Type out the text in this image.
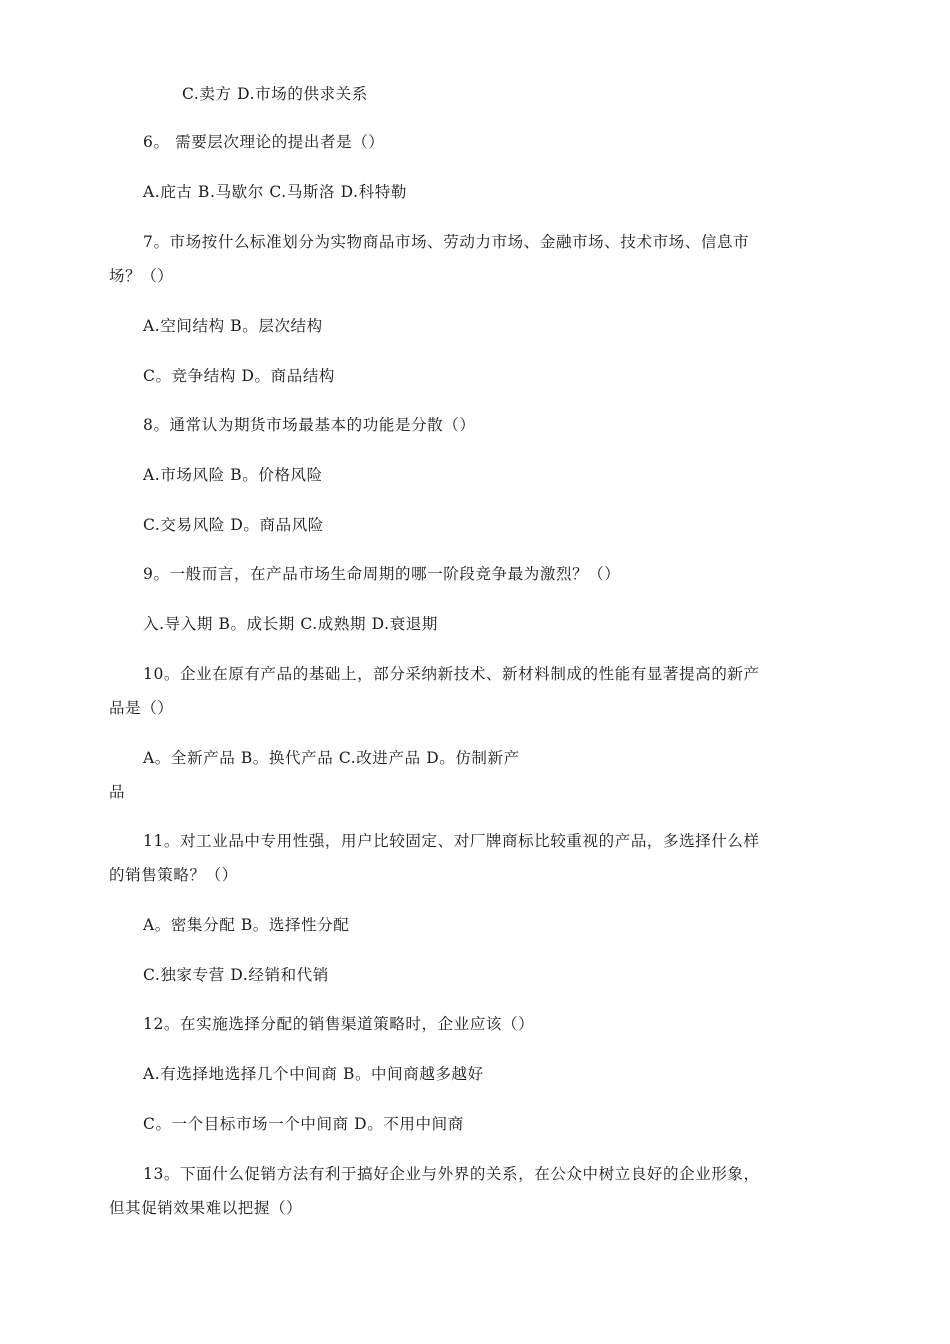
C.卖方 D.市场的供求关系
6。 需要层次理论的提出者是（）
A.庇古 B.马歇尔 C.马斯洛 D.科特勒
7。市场按什么标准划分为实物商品市场、劳动力市场、金融市场、技术市场、信息市
场？（）
A.空间结构 B。层次结构
C。竞争结构 D。商品结构
8。通常认为期货市场最基本的功能是分散（）
A.市场风险 B。价格风险
C.交易风险 D。商品风险
9。一般而言，在产品市场生命周期的哪一阶段竞争最为激烈？（）
入.导入期 B。成长期 C.成熟期 D.衰退期
10。企业在原有产品的基础上，部分采纳新技术、新材料制成的性能有显著提高的新产
品是（）
A。全新产品 B。换代产品 C.改进产品 D。仿制新产
品
11。对工业品中专用性强，用户比较固定、对厂牌商标比较重视的产品，多选择什么样
的销售策略？（）
A。密集分配 B。选择性分配
C.独家专营 D.经销和代销
12。在实施选择分配的销售渠道策略时，企业应该（）
A.有选择地选择几个中间商 B。中间商越多越好
C。一个目标市场一个中间商 D。不用中间商
13。下面什么促销方法有利于搞好企业与外界的关系，在公众中树立良好的企业形象，
但其促销效果难以把握（）
